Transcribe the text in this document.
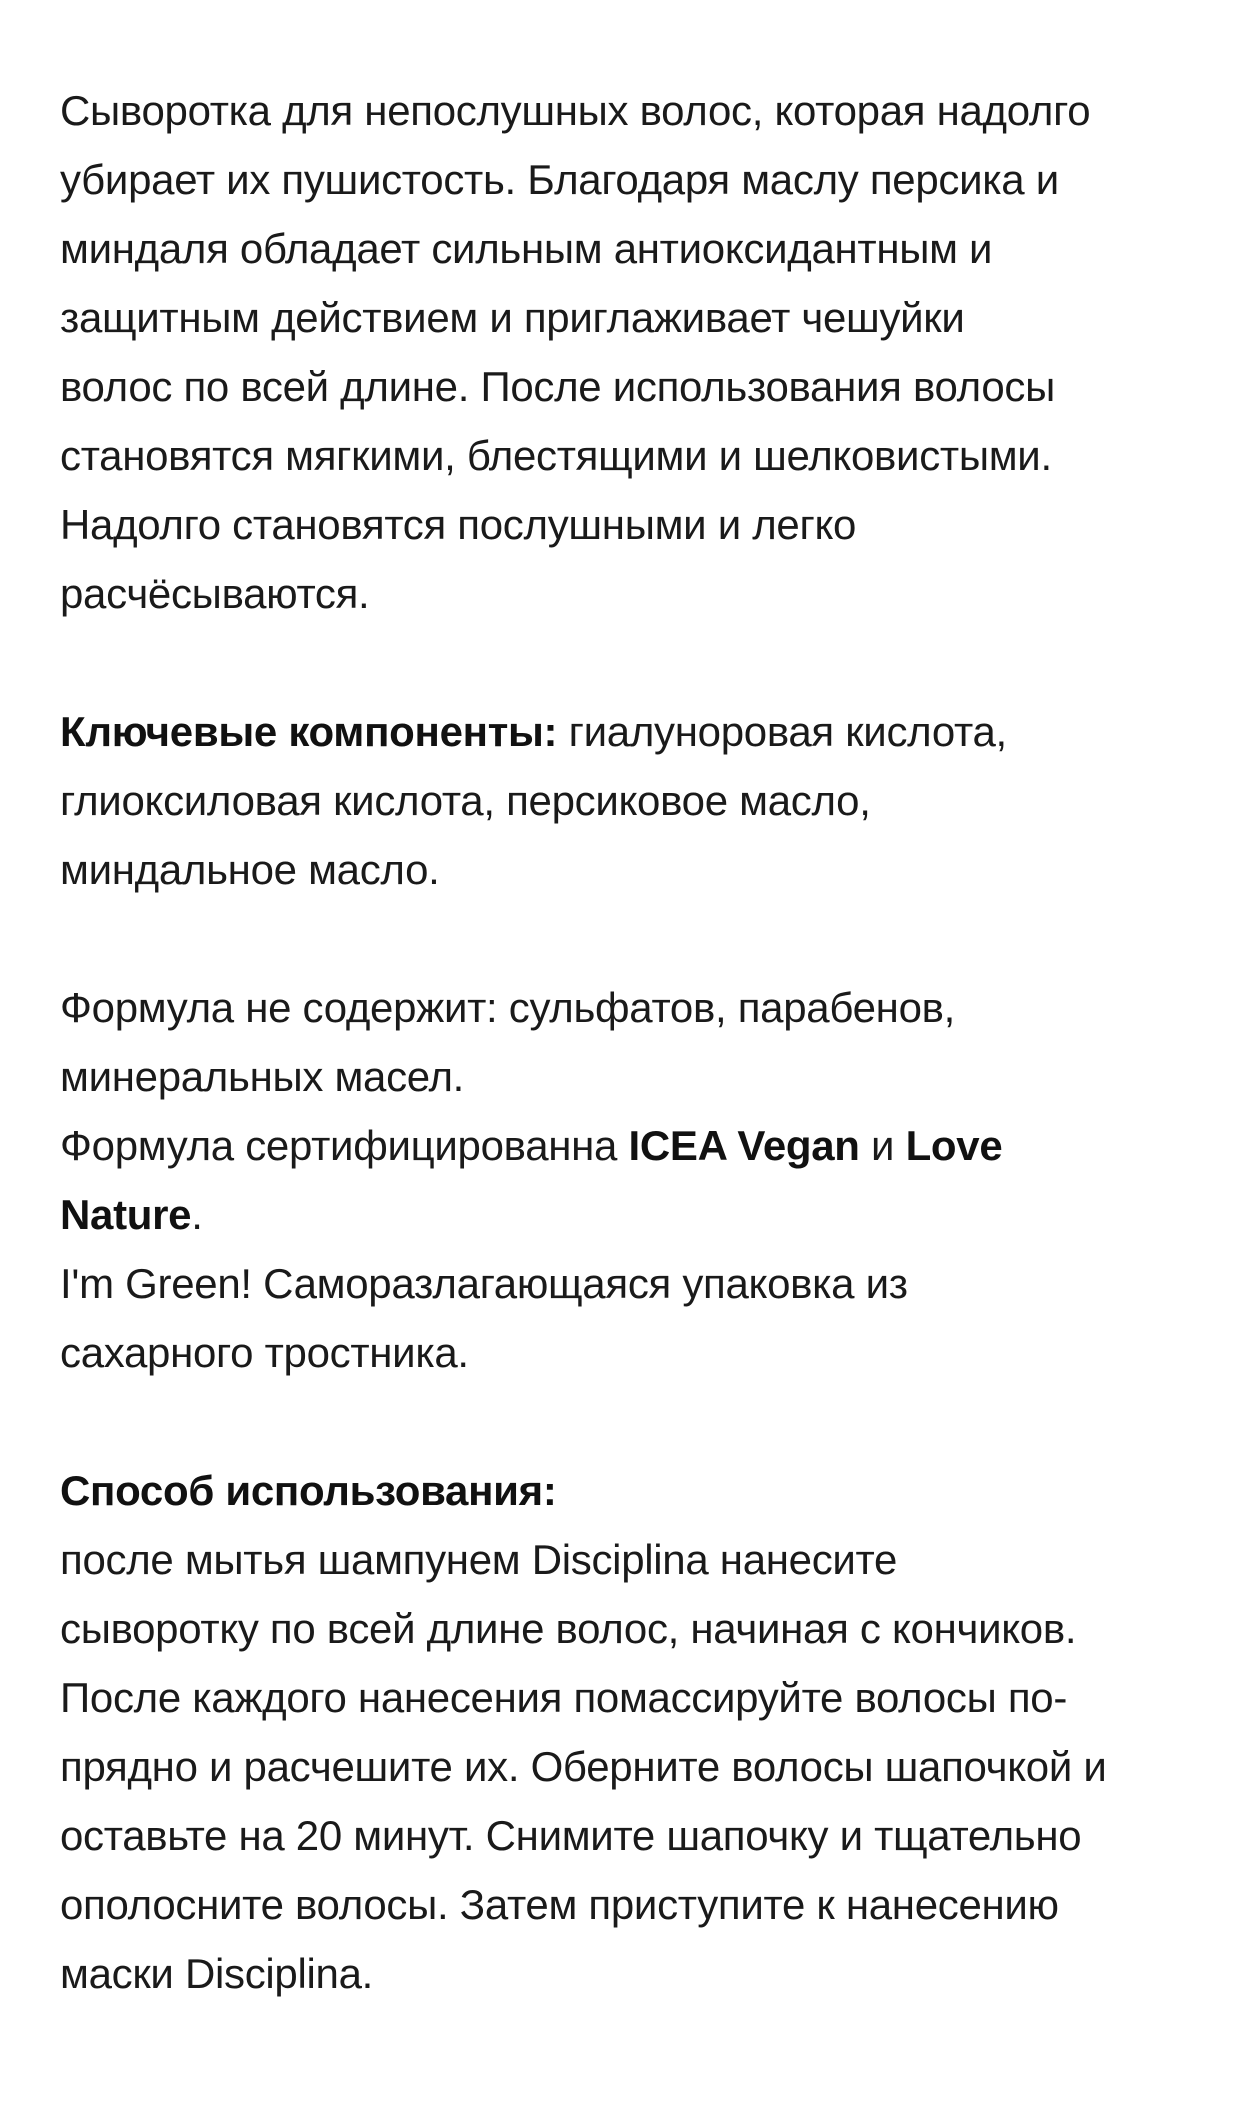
Сыворотка для непослушных волос, которая надолго
убирает их пушистость. Благодаря маслу персика и
миндаля обладает сильным антиоксидантным и
защитным действием и приглаживает чешуйки
волос по всей длине. После использования волосы
становятся мягкими, блестящими и шелковистыми.
Надолго становятся послушными и легко
расчёсываются.

Ключевые компоненты: гиалуноровая кислота,
глиоксиловая кислота, персиковое масло,
миндальное масло.

Формула не содержит: сульфатов, парабенов,
минеральных масел.
Формула сертифицированна ICEA Vegan и Love
Nature.
I'm Green! Саморазлагающаяся упаковка из
сахарного тростника.

Способ использования:
после мытья шампунем Disciplina нанесите
сыворотку по всей длине волос, начиная с кончиков.
После каждого нанесения помассируйте волосы по-
прядно и расчешите их. Оберните волосы шапочкой и
оставьте на 20 минут. Снимите шапочку и тщательно
ополосните волосы. Затем приступите к нанесению
маски Disciplina.
